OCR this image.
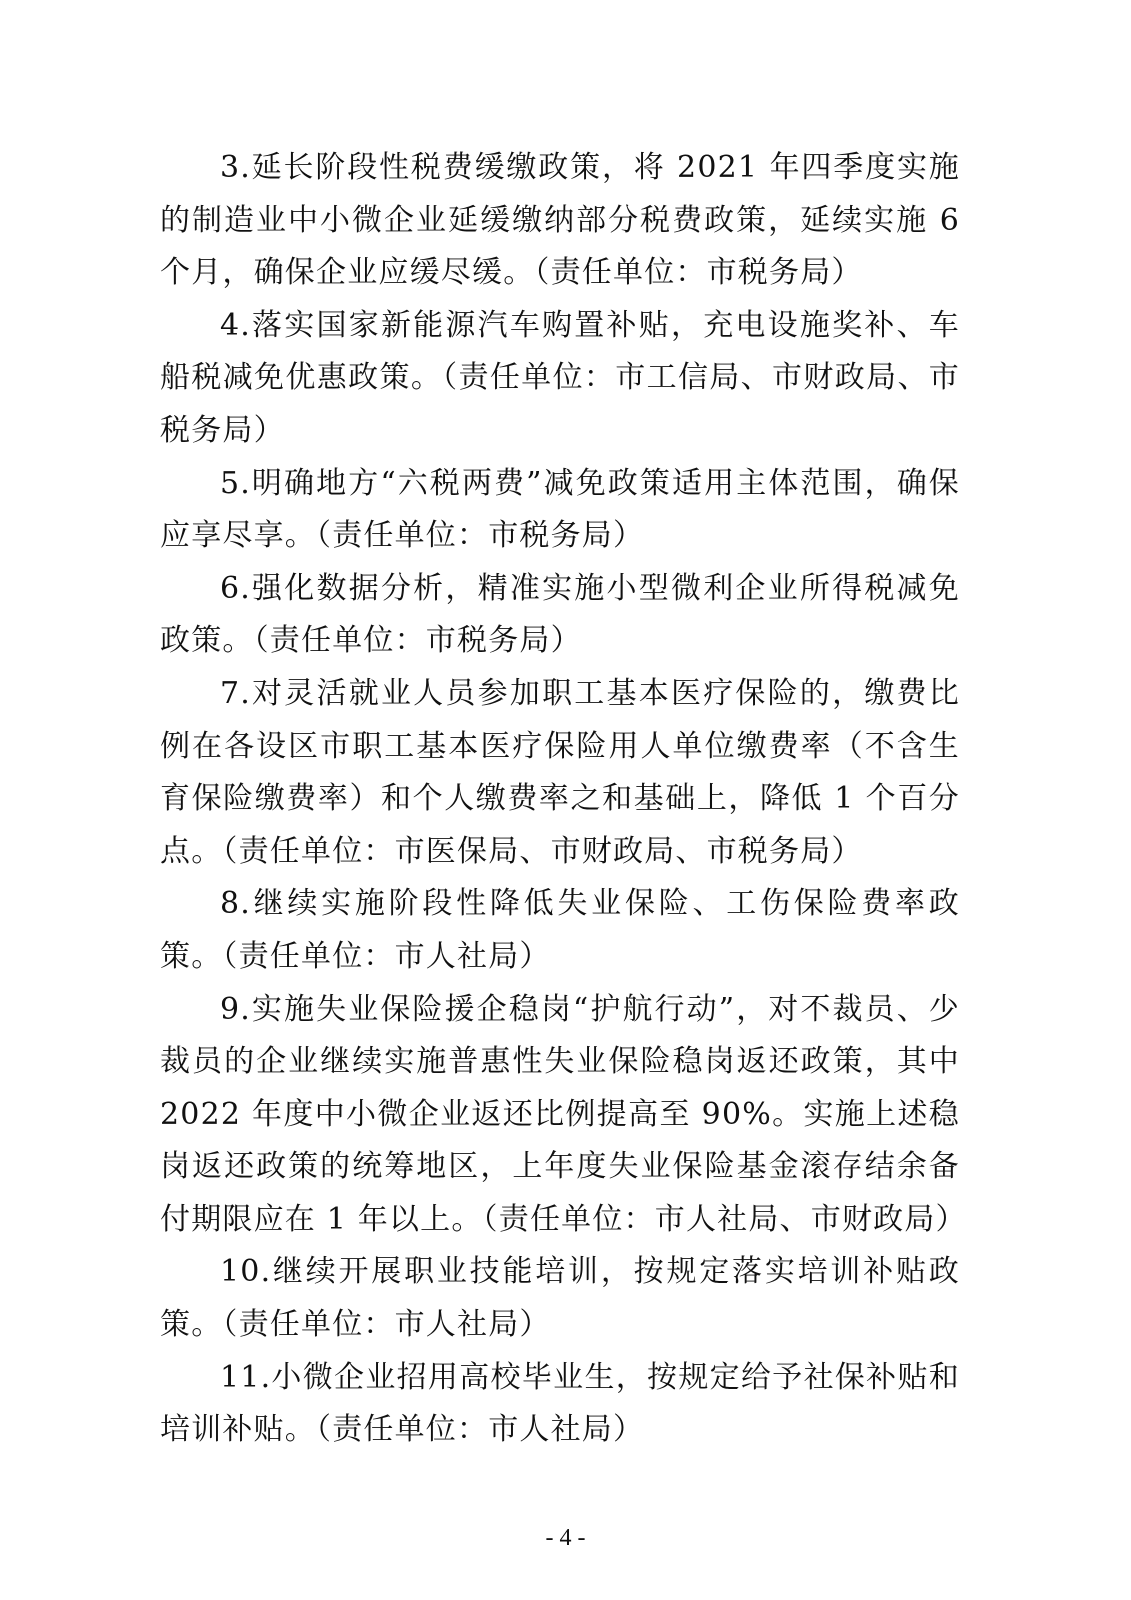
3.延长阶段性税费缓缴政策，将 2021 年四季度实施的制造业中小微企业延缓缴纳部分税费政策，延续实施 6 个月，确保企业应缓尽缓。（责任单位：市税务局）

4.落实国家新能源汽车购置补贴，充电设施奖补、车船税减免优惠政策。（责任单位：市工信局、市财政局、市税务局）

5.明确地方“六税两费”减免政策适用主体范围，确保应享尽享。（责任单位：市税务局）

6.强化数据分析，精准实施小型微利企业所得税减免政策。（责任单位：市税务局）

7.对灵活就业人员参加职工基本医疗保险的，缴费比例在各设区市职工基本医疗保险用人单位缴费率（不含生育保险缴费率）和个人缴费率之和基础上，降低 1 个百分点。（责任单位：市医保局、市财政局、市税务局）

8.继续实施阶段性降低失业保险、工伤保险费率政策。（责任单位：市人社局）

9.实施失业保险援企稳岗“护航行动”，对不裁员、少裁员的企业继续实施普惠性失业保险稳岗返还政策，其中 2022 年度中小微企业返还比例提高至 90%。实施上述稳岗返还政策的统筹地区，上年度失业保险基金滚存结余备付期限应在 1 年以上。（责任单位：市人社局、市财政局）

10.继续开展职业技能培训，按规定落实培训补贴政策。（责任单位：市人社局）

11.小微企业招用高校毕业生，按规定给予社保补贴和培训补贴。（责任单位：市人社局）

- 4 -
